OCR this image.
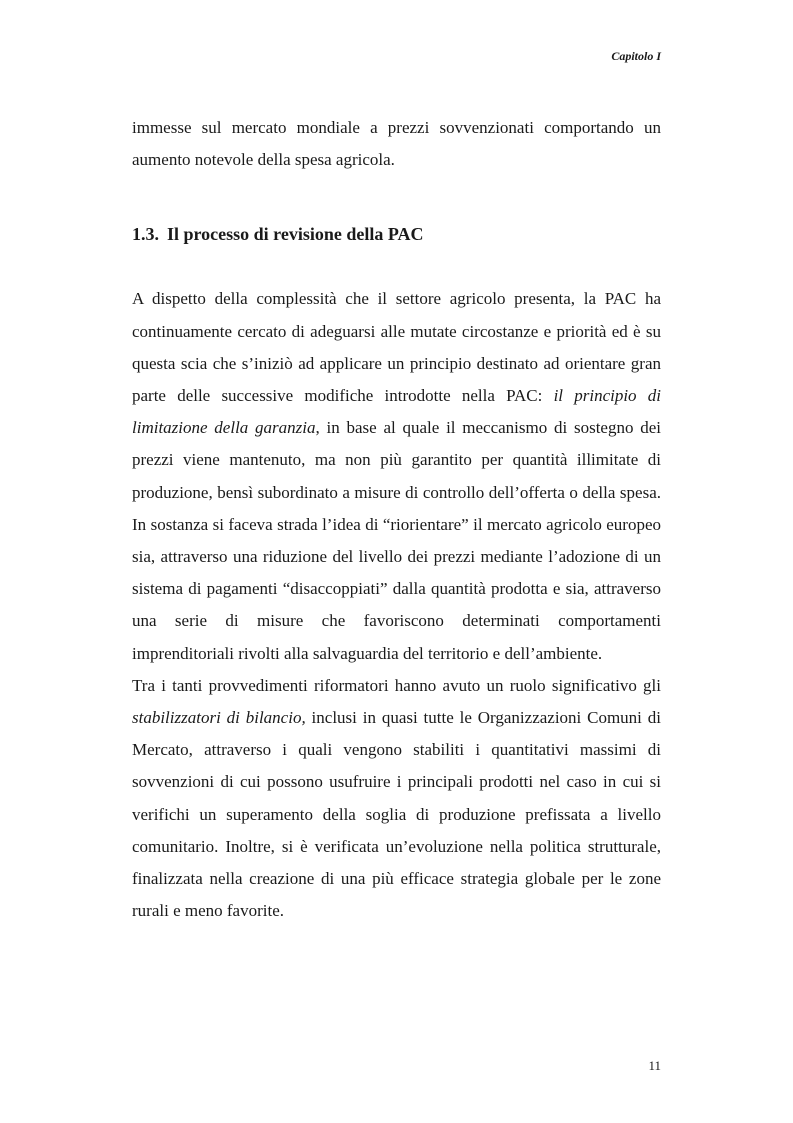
Capitolo I

immesse sul mercato mondiale a prezzi sovvenzionati comportando un aumento notevole della spesa agricola.

1.3. Il processo di revisione della PAC

A dispetto della complessità che il settore agricolo presenta, la PAC ha continuamente cercato di adeguarsi alle mutate circostanze e priorità ed è su questa scia che s’iniziò ad applicare un principio destinato ad orientare gran parte delle successive modifiche introdotte nella PAC: il principio di limitazione della garanzia, in base al quale il meccanismo di sostegno dei prezzi viene mantenuto, ma non più garantito per quantità illimitate di produzione, bensì subordinato a misure di controllo dell’offerta o della spesa. In sostanza si faceva strada l’idea di “riorientare” il mercato agricolo europeo sia, attraverso una riduzione del livello dei prezzi mediante l’adozione di un sistema di pagamenti “disaccoppiati” dalla quantità prodotta e sia, attraverso una serie di misure che favoriscono determinati comportamenti imprenditoriali rivolti alla salvaguardia del territorio e dell’ambiente.

Tra i tanti provvedimenti riformatori hanno avuto un ruolo significativo gli stabilizzatori di bilancio, inclusi in quasi tutte le Organizzazioni Comuni di Mercato, attraverso i quali vengono stabiliti i quantitativi massimi di sovvenzioni di cui possono usufruire i principali prodotti nel caso in cui si verifichi un superamento della soglia di produzione prefissata a livello comunitario. Inoltre, si è verificata un’evoluzione nella politica strutturale, finalizzata nella creazione di una più efficace strategia globale per le zone rurali e meno favorite.

11
